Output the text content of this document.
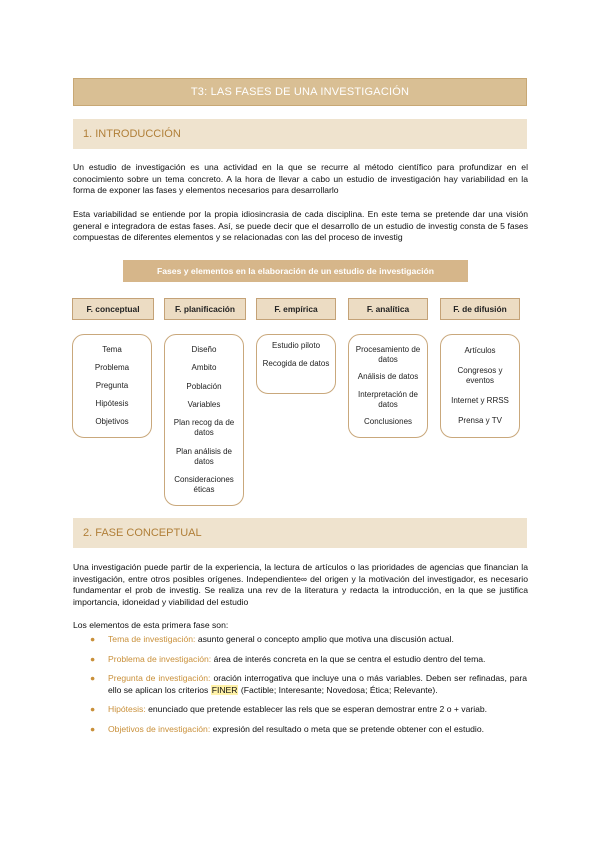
T3: LAS FASES DE UNA INVESTIGACIÓN
1. INTRODUCCIÓN

Un estudio de investigación es una actividad en la que se recurre al método científico para profundizar en el conocimiento sobre un tema concreto. A la hora de llevar a cabo un estudio de investigación hay variabilidad en la forma de exponer las fases y elementos necesarios para desarrollarlo

Esta variabilidad se entiende por la propia idiosincrasia de cada disciplina. En este tema se pretende dar una visión general e integradora de estas fases. Así, se puede decir que el desarrollo de un estudio de investig consta de 5 fases compuestas de diferentes elementos y se relacionadas con las del proceso de investig

Fases y elementos en la elaboración de un estudio de investigación
F. conceptual	F. planificación	F. empírica	F. analítica	F. de difusión
Tema
Problema
Pregunta
Hipótesis
Objetivos
Diseño
Ambito
Población
Variables
Plan recog da de datos
Plan análisis de datos
Consideraciones éticas
Estudio piloto
Recogida de datos
Procesamiento de datos
Análisis de datos
Interpretación de datos
Conclusiones
Artículos
Congresos y eventos
Internet y RRSS
Prensa y TV
2. FASE CONCEPTUAL

Una investigación puede partir de la experiencia, la lectura de artículos o las prioridades de agencias que financian la investigación, entre otros posibles orígenes. Independiente∞ del origen y la motivación del investigador, es necesario fundamentar el prob de investig. Se realiza una rev de la literatura y redacta la introducción, en la que se justifica importancia, idoneidad y viabilidad del estudio

Los elementos de esta primera fase son:

● Tema de investigación: asunto general o concepto amplio que motiva una discusión actual.
● Problema de investigación: área de interés concreta en la que se centra el estudio dentro del tema.
● Pregunta de investigación: oración interrogativa que incluye una o más variables. Deben ser refinadas, para ello se aplican los criterios FINER (Factible; Interesante; Novedosa; Ética; Relevante).
● Hipótesis: enunciado que pretende establecer las rels que se esperan demostrar entre 2 o + variab.
● Objetivos de investigación: expresión del resultado o meta que se pretende obtener con el estudio.
